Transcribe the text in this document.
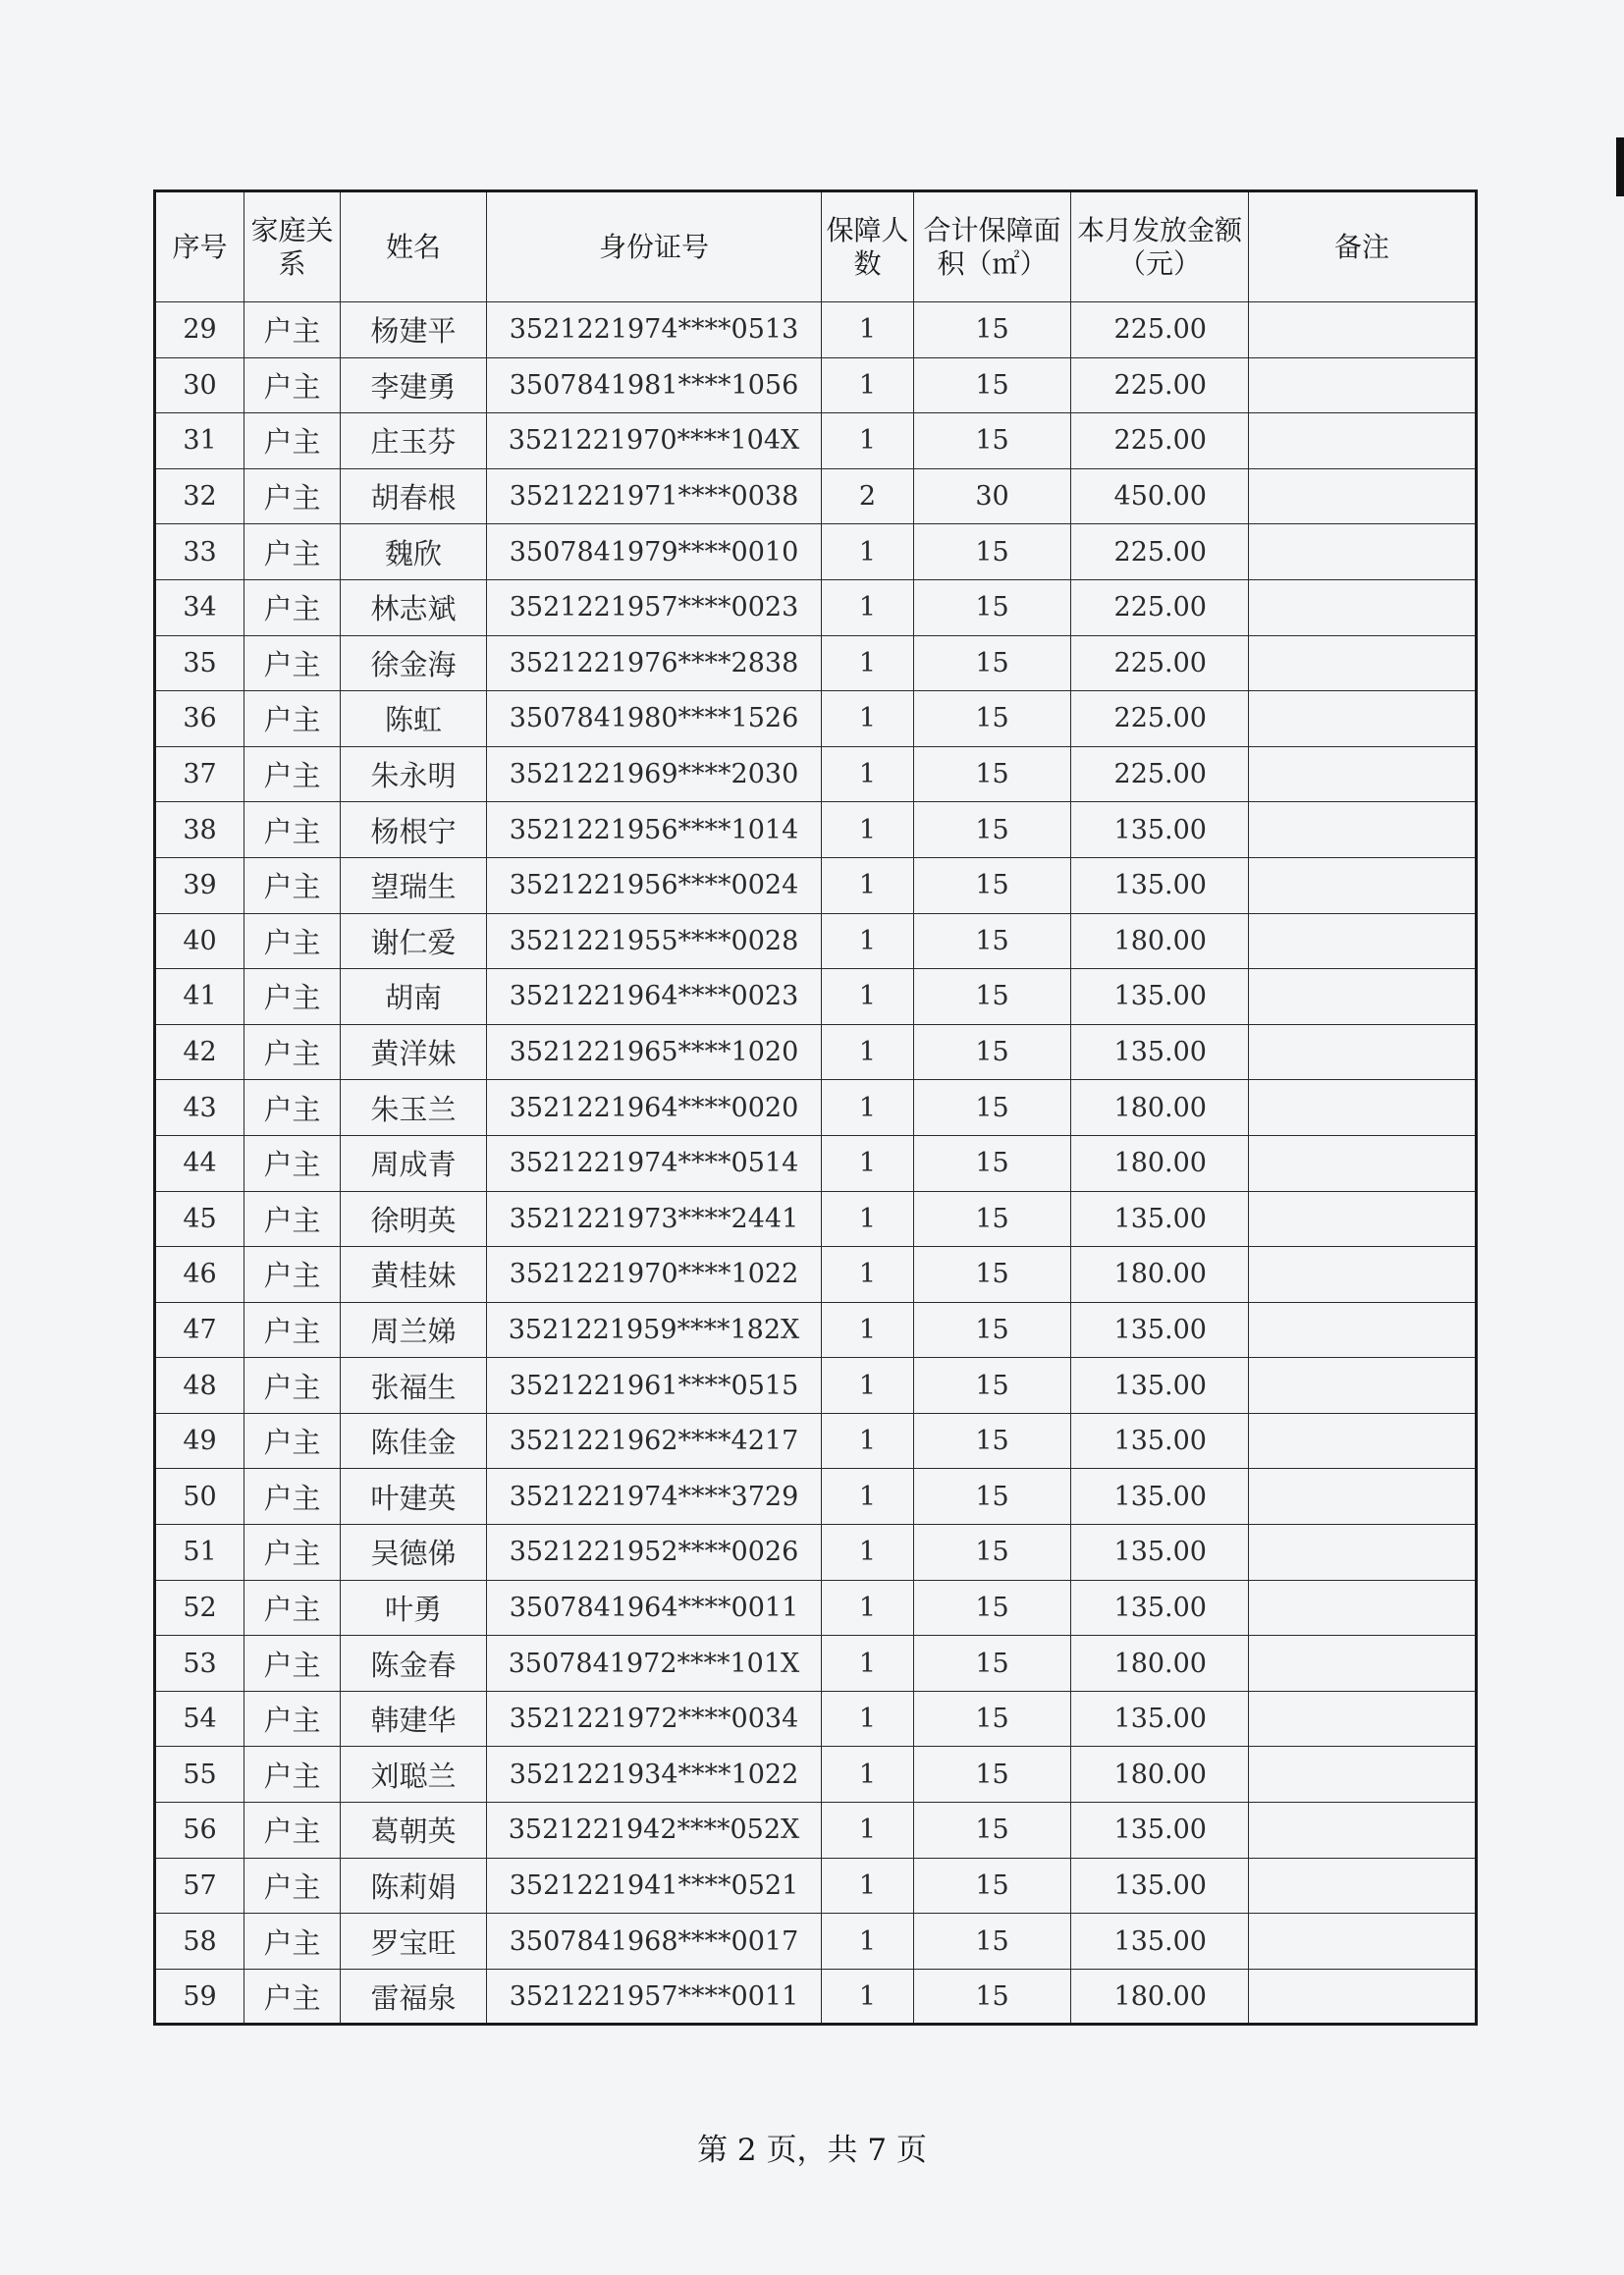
序号	家庭关系	姓名	身份证号	保障人数	合计保障面积（㎡）	本月发放金额（元）	备注
29	户主	杨建平	3521221974****0513	1	15	225.00	
30	户主	李建勇	3507841981****1056	1	15	225.00	
31	户主	庄玉芬	3521221970****104X	1	15	225.00	
32	户主	胡春根	3521221971****0038	2	30	450.00	
33	户主	魏欣	3507841979****0010	1	15	225.00	
34	户主	林志斌	3521221957****0023	1	15	225.00	
35	户主	徐金海	3521221976****2838	1	15	225.00	
36	户主	陈虹	3507841980****1526	1	15	225.00	
37	户主	朱永明	3521221969****2030	1	15	225.00	
38	户主	杨根宁	3521221956****1014	1	15	135.00	
39	户主	望瑞生	3521221956****0024	1	15	135.00	
40	户主	谢仁爱	3521221955****0028	1	15	180.00	
41	户主	胡南	3521221964****0023	1	15	135.00	
42	户主	黄洋妹	3521221965****1020	1	15	135.00	
43	户主	朱玉兰	3521221964****0020	1	15	180.00	
44	户主	周成青	3521221974****0514	1	15	180.00	
45	户主	徐明英	3521221973****2441	1	15	135.00	
46	户主	黄桂妹	3521221970****1022	1	15	180.00	
47	户主	周兰娣	3521221959****182X	1	15	135.00	
48	户主	张福生	3521221961****0515	1	15	135.00	
49	户主	陈佳金	3521221962****4217	1	15	135.00	
50	户主	叶建英	3521221974****3729	1	15	135.00	
51	户主	吴德俤	3521221952****0026	1	15	135.00	
52	户主	叶勇	3507841964****0011	1	15	135.00	
53	户主	陈金春	3507841972****101X	1	15	180.00	
54	户主	韩建华	3521221972****0034	1	15	135.00	
55	户主	刘聪兰	3521221934****1022	1	15	180.00	
56	户主	葛朝英	3521221942****052X	1	15	135.00	
57	户主	陈莉娟	3521221941****0521	1	15	135.00	
58	户主	罗宝旺	3507841968****0017	1	15	135.00	
59	户主	雷福泉	3521221957****0011	1	15	180.00	
第 2 页，共 7 页
